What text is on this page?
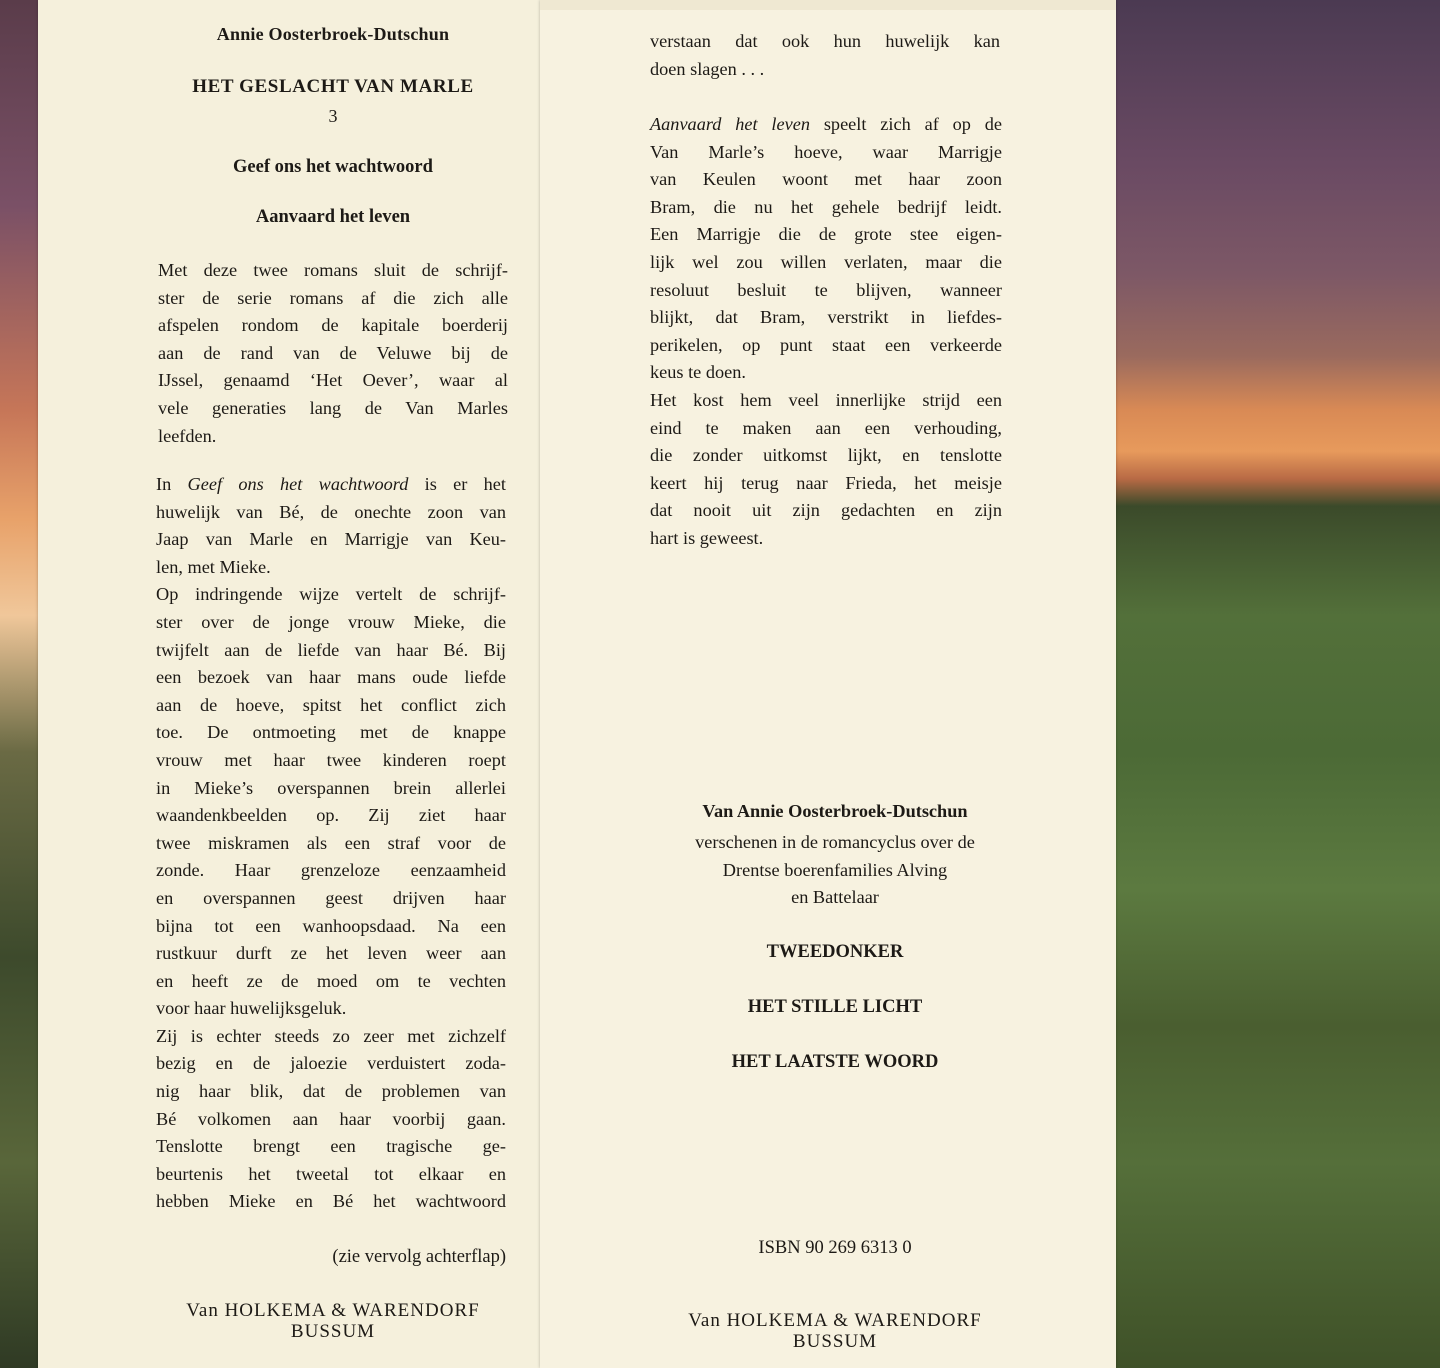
Annie Oosterbroek-Dutschun
HET GESLACHT VAN MARLE
3
Geef ons het wachtwoord
Aanvaard het leven
Met deze twee romans sluit de schrijf-
ster de serie romans af die zich alle
afspelen rondom de kapitale boerderij
aan de rand van de Veluwe bij de
IJssel, genaamd ‘Het Oever’, waar al
vele generaties lang de Van Marles
leefden.
In Geef ons het wachtwoord is er het
huwelijk van Bé, de onechte zoon van
Jaap van Marle en Marrigje van Keu-
len, met Mieke.
Op indringende wijze vertelt de schrijf-
ster over de jonge vrouw Mieke, die
twijfelt aan de liefde van haar Bé. Bij
een bezoek van haar mans oude liefde
aan de hoeve, spitst het conflict zich
toe. De ontmoeting met de knappe
vrouw met haar twee kinderen roept
in Mieke’s overspannen brein allerlei
waandenkbeelden op. Zij ziet haar
twee miskramen als een straf voor de
zonde. Haar grenzeloze eenzaamheid
en overspannen geest drijven haar
bijna tot een wanhoopsdaad. Na een
rustkuur durft ze het leven weer aan
en heeft ze de moed om te vechten
voor haar huwelijksgeluk.
Zij is echter steeds zo zeer met zichzelf
bezig en de jaloezie verduistert zoda-
nig haar blik, dat de problemen van
Bé volkomen aan haar voorbij gaan.
Tenslotte brengt een tragische ge-
beurtenis het tweetal tot elkaar en
hebben Mieke en Bé het wachtwoord
(zie vervolg achterflap)
Van HOLKEMA & WARENDORF
BUSSUM
verstaan dat ook hun huwelijk kan
doen slagen . . .
Aanvaard het leven speelt zich af op de
Van Marle’s hoeve, waar Marrigje
van Keulen woont met haar zoon
Bram, die nu het gehele bedrijf leidt.
Een Marrigje die de grote stee eigen-
lijk wel zou willen verlaten, maar die
resoluut besluit te blijven, wanneer
blijkt, dat Bram, verstrikt in liefdes-
perikelen, op punt staat een verkeerde
keus te doen.
Het kost hem veel innerlijke strijd een
eind te maken aan een verhouding,
die zonder uitkomst lijkt, en tenslotte
keert hij terug naar Frieda, het meisje
dat nooit uit zijn gedachten en zijn
hart is geweest.
Van Annie Oosterbroek-Dutschun
verschenen in de romancyclus over de
Drentse boerenfamilies Alving
en Battelaar
TWEEDONKER
HET STILLE LICHT
HET LAATSTE WOORD
ISBN 90 269 6313 0
Van HOLKEMA & WARENDORF
BUSSUM
